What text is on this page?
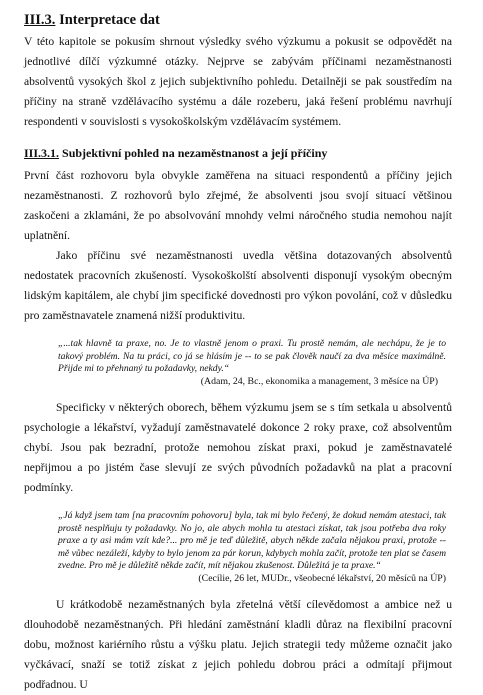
III.3. Interpretace dat

V této kapitole se pokusím shrnout výsledky svého výzkumu a pokusit se odpovědět na jednotlivé dílčí výzkumné otázky. Nejprve se zabývám příčinami nezaměstnanosti absolventů vysokých škol z jejich subjektivního pohledu. Detailněji se pak soustředím na příčiny na straně vzdělávacího systému a dále rozeberu, jaká řešení problému navrhují respondenti v souvislosti s vysokoškolským vzdělávacím systémem.

III.3.1. Subjektivní pohled na nezaměstnanost a její příčiny

První část rozhovoru byla obvykle zaměřena na situaci respondentů a příčiny jejich nezaměstnanosti. Z rozhovorů bylo zřejmé, že absolventi jsou svojí situací většinou zaskočeni a zklamáni, že po absolvování mnohdy velmi náročného studia nemohou najít uplatnění.

Jako příčinu své nezaměstnanosti uvedla většina dotazovaných absolventů nedostatek pracovních zkušeností. Vysokoškolští absolventi disponují vysokým obecným lidským kapitálem, ale chybí jim specifické dovednosti pro výkon povolání, což v důsledku pro zaměstnavatele znamená nižší produktivitu.

„...tak hlavně ta praxe, no. Je to vlastně jenom o praxi. Tu prostě nemám, ale nechápu, že je to takový problém. Na tu práci, co já se hlásím je -- to se pak člověk naučí za dva měsíce maximálně. Přijde mi to přehnaný tu požadavky, nekdy.“
(Adam, 24, Bc., ekonomika a management, 3 měsíce na ÚP)

Specificky v některých oborech, během výzkumu jsem se s tím setkala u absolventů psychologie a lékařství, vyžadují zaměstnavatelé dokonce 2 roky praxe, což absolventům chybí. Jsou pak bezradní, protože nemohou získat praxi, pokud je zaměstnavatelé nepřijmou a po jistém čase slevují ze svých původních požadavků na plat a pracovní podmínky.

„Já když jsem tam [na pracovním pohovoru] byla, tak mi bylo řečený, že dokud nemám atestaci, tak prostě nesplňuju ty požadavky. No jo, ale abych mohla tu atestaci získat, tak jsou potřeba dva roky praxe a ty asi mám vzít kde?... pro mě je teď důležitě, abych někde začala nějakou praxi, protože -- mě vůbec nezáleží, kdyby to bylo jenom za pár korun, kdybych mohla začít, protože ten plat se časem zvedne. Pro mě je důležitě někde začít, mít nějakou zkušenost. Důležitá je ta praxe.“
(Cecílie, 26 let, MUDr., všeobecné lékařství, 20 měsíců na ÚP)

U krátkodobě nezaměstnaných byla zřetelná větší cílevědomost a ambice než u dlouhodobě nezaměstnaných. Při hledání zaměstnání kladli důraz na flexibilní pracovní dobu, možnost kariérního růstu a výšku platu. Jejich strategii tedy můžeme označit jako vyčkávací, snaží se totiž získat z jejich pohledu dobrou práci a odmítají přijmout podřadnou. U
